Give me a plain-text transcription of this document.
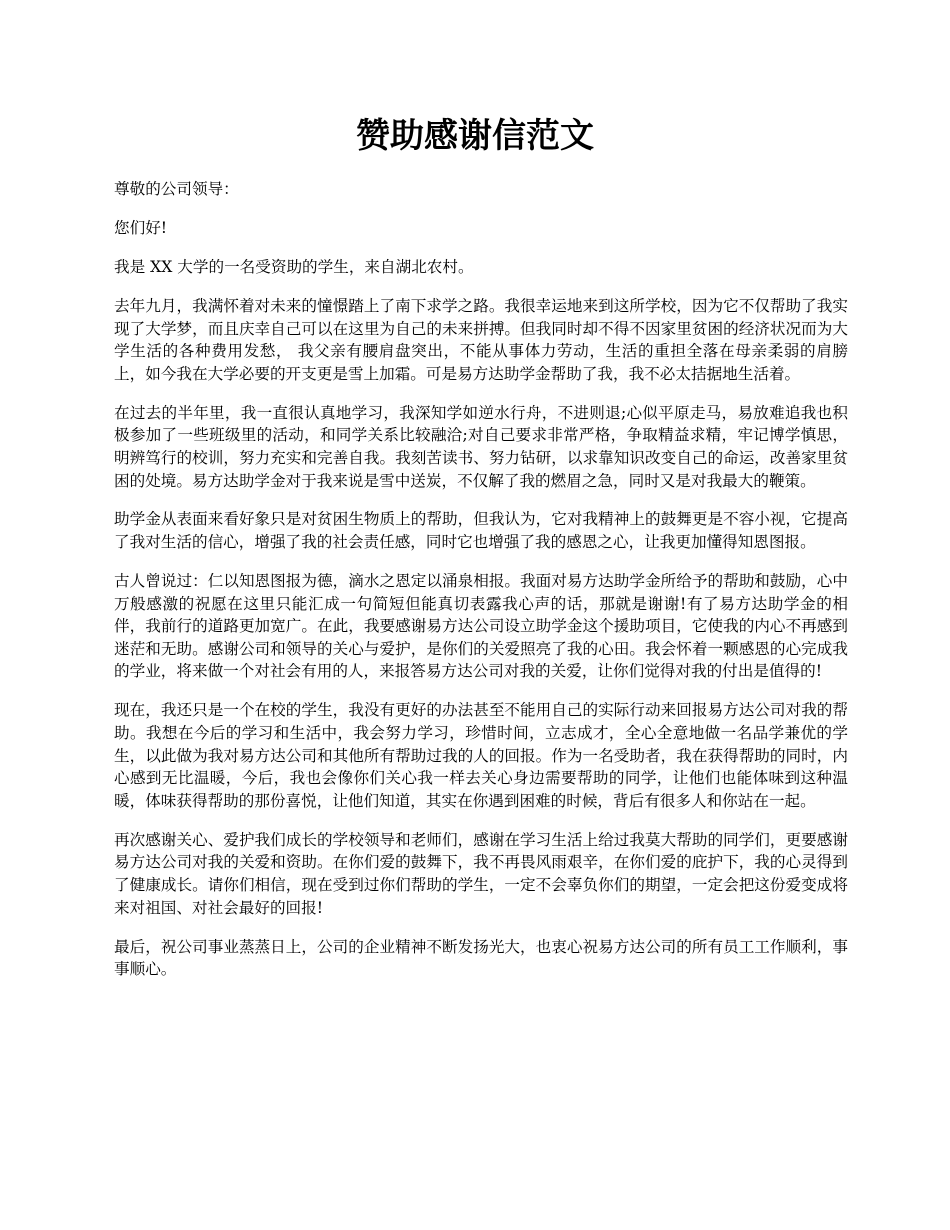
赞助感谢信范文

尊敬的公司领导：

您们好!

我是 XX 大学的一名受资助的学生，来自湖北农村。

去年九月，我满怀着对未来的憧憬踏上了南下求学之路。我很幸运地来到这所学校，因为它不仅帮助了我实现了大学梦，而且庆幸自己可以在这里为自己的未来拼搏。但我同时却不得不因家里贫困的经济状况而为大学生活的各种费用发愁， 我父亲有腰肩盘突出，不能从事体力劳动，生活的重担全落在母亲柔弱的肩膀上，如今我在大学必要的开支更是雪上加霜。可是易方达助学金帮助了我，我不必太拮据地生活着。

在过去的半年里，我一直很认真地学习，我深知学如逆水行舟，不进则退;心似平原走马，易放难追我也积极参加了一些班级里的活动，和同学关系比较融洽;对自己要求非常严格，争取精益求精，牢记博学慎思，明辨笃行的校训，努力充实和完善自我。我刻苦读书、努力钻研，以求靠知识改变自己的命运，改善家里贫困的处境。易方达助学金对于我来说是雪中送炭，不仅解了我的燃眉之急，同时又是对我最大的鞭策。

助学金从表面来看好象只是对贫困生物质上的帮助，但我认为，它对我精神上的鼓舞更是不容小视，它提高了我对生活的信心，增强了我的社会责任感，同时它也增强了我的感恩之心，让我更加懂得知恩图报。

古人曾说过：仁以知恩图报为德，滴水之恩定以涌泉相报。我面对易方达助学金所给予的帮助和鼓励，心中万般感激的祝愿在这里只能汇成一句简短但能真切表露我心声的话，那就是谢谢!有了易方达助学金的相伴，我前行的道路更加宽广。在此，我要感谢易方达公司设立助学金这个援助项目，它使我的内心不再感到迷茫和无助。感谢公司和领导的关心与爱护，是你们的关爱照亮了我的心田。我会怀着一颗感恩的心完成我的学业，将来做一个对社会有用的人，来报答易方达公司对我的关爱，让你们觉得对我的付出是值得的!

现在，我还只是一个在校的学生，我没有更好的办法甚至不能用自己的实际行动来回报易方达公司对我的帮助。我想在今后的学习和生活中，我会努力学习，珍惜时间，立志成才，全心全意地做一名品学兼优的学生，以此做为我对易方达公司和其他所有帮助过我的人的回报。作为一名受助者，我在获得帮助的同时，内心感到无比温暖，今后，我也会像你们关心我一样去关心身边需要帮助的同学，让他们也能体味到这种温暖，体味获得帮助的那份喜悦，让他们知道，其实在你遇到困难的时候，背后有很多人和你站在一起。

再次感谢关心、爱护我们成长的学校领导和老师们，感谢在学习生活上给过我莫大帮助的同学们，更要感谢易方达公司对我的关爱和资助。在你们爱的鼓舞下，我不再畏风雨艰辛，在你们爱的庇护下，我的心灵得到了健康成长。请你们相信，现在受到过你们帮助的学生，一定不会辜负你们的期望，一定会把这份爱变成将来对祖国、对社会最好的回报!

最后，祝公司事业蒸蒸日上，公司的企业精神不断发扬光大，也衷心祝易方达公司的所有员工工作顺利，事事顺心。
